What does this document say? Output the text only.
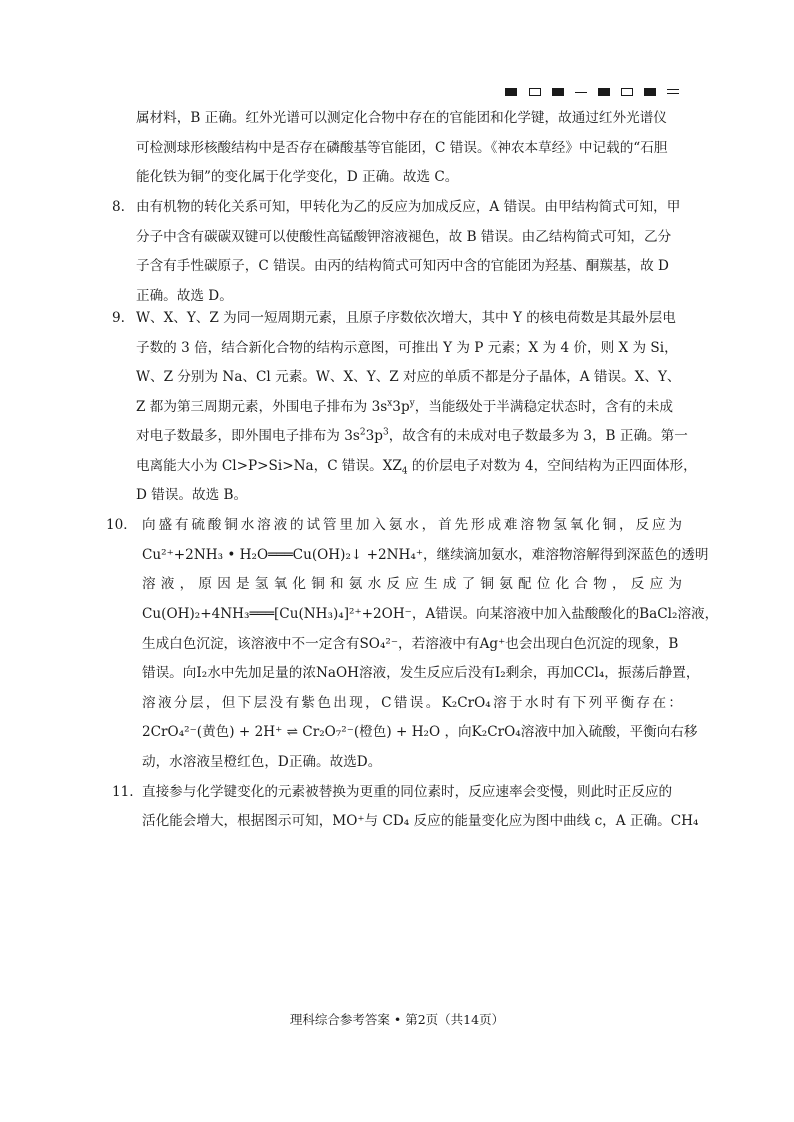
属材料，B 正确。红外光谱可以测定化合物中存在的官能团和化学键，故通过红外光谱仪
可检测球形核酸结构中是否存在磷酸基等官能团，C 错误。《神农本草经》中记载的“石胆
能化铁为铜”的变化属于化学变化，D 正确。故选 C。
8. 由有机物的转化关系可知，甲转化为乙的反应为加成反应，A 错误。由甲结构简式可知，甲
分子中含有碳碳双键可以使酸性高锰酸钾溶液褪色，故 B 错误。由乙结构简式可知，乙分
子含有手性碳原子，C 错误。由丙的结构简式可知丙中含的官能团为羟基、酮羰基，故 D
正确。故选 D。
9. W、X、Y、Z 为同一短周期元素，且原子序数依次增大，其中 Y 的核电荷数是其最外层电
子数的 3 倍，结合新化合物的结构示意图，可推出 Y 为 P 元素；X 为 4 价，则 X 为 Si，
W、Z 分别为 Na、Cl 元素。W、X、Y、Z 对应的单质不都是分子晶体，A 错误。X、Y、
Z 都为第三周期元素，外围电子排布为 $3s^x3p^y$，当能级处于半满稳定状态时，含有的未成
对电子数最多，即外围电子排布为 $3s^23p^3$，故含有的未成对电子数最多为 3，B 正确。第一
电离能大小为 Cl>P>Si>Na，C 错误。$XZ_4$ 的价层电子对数为 4，空间结构为正四面体形，
D 错误。故选 B。
10． 向盛有硫酸铜水溶液的试管里加入氨水，首先形成难溶物氢氧化铜，反应为
Cu²⁺+2NH₃ • H₂O═══Cu(OH)₂↓ +2NH₄⁺，继续滴加氨水，难溶物溶解得到深蓝色的透明
溶液，原因是氢氧化铜和氨水反应生成了铜氨配位化合物，反应为
Cu(OH)₂+4NH₃═══[Cu(NH₃)₄]²⁺+2OH⁻，A错误。向某溶液中加入盐酸酸化的BaCl₂溶液，
生成白色沉淀，该溶液中不一定含有SO₄²⁻，若溶液中有Ag⁺也会出现白色沉淀的现象，B
错误。向I₂水中先加足量的浓NaOH溶液，发生反应后没有I₂剩余，再加CCl₄，振荡后静置，
溶液分层，但下层没有紫色出现，C错误。K₂CrO₄溶于水时有下列平衡存在：
2CrO₄²⁻(黄色) + 2H⁺ ⇌ Cr₂O₇²⁻(橙色) + H₂O ，向K₂CrO₄溶液中加入硫酸，平衡向右移
动，水溶液呈橙红色，D正确。故选D。
11. 直接参与化学键变化的元素被替换为更重的同位素时，反应速率会变慢，则此时正反应的
活化能会增大，根据图示可知，MO⁺与 CD₄ 反应的能量变化应为图中曲线 c，A 正确。CH₄
理科综合参考答案 • 第2页（共14页）
